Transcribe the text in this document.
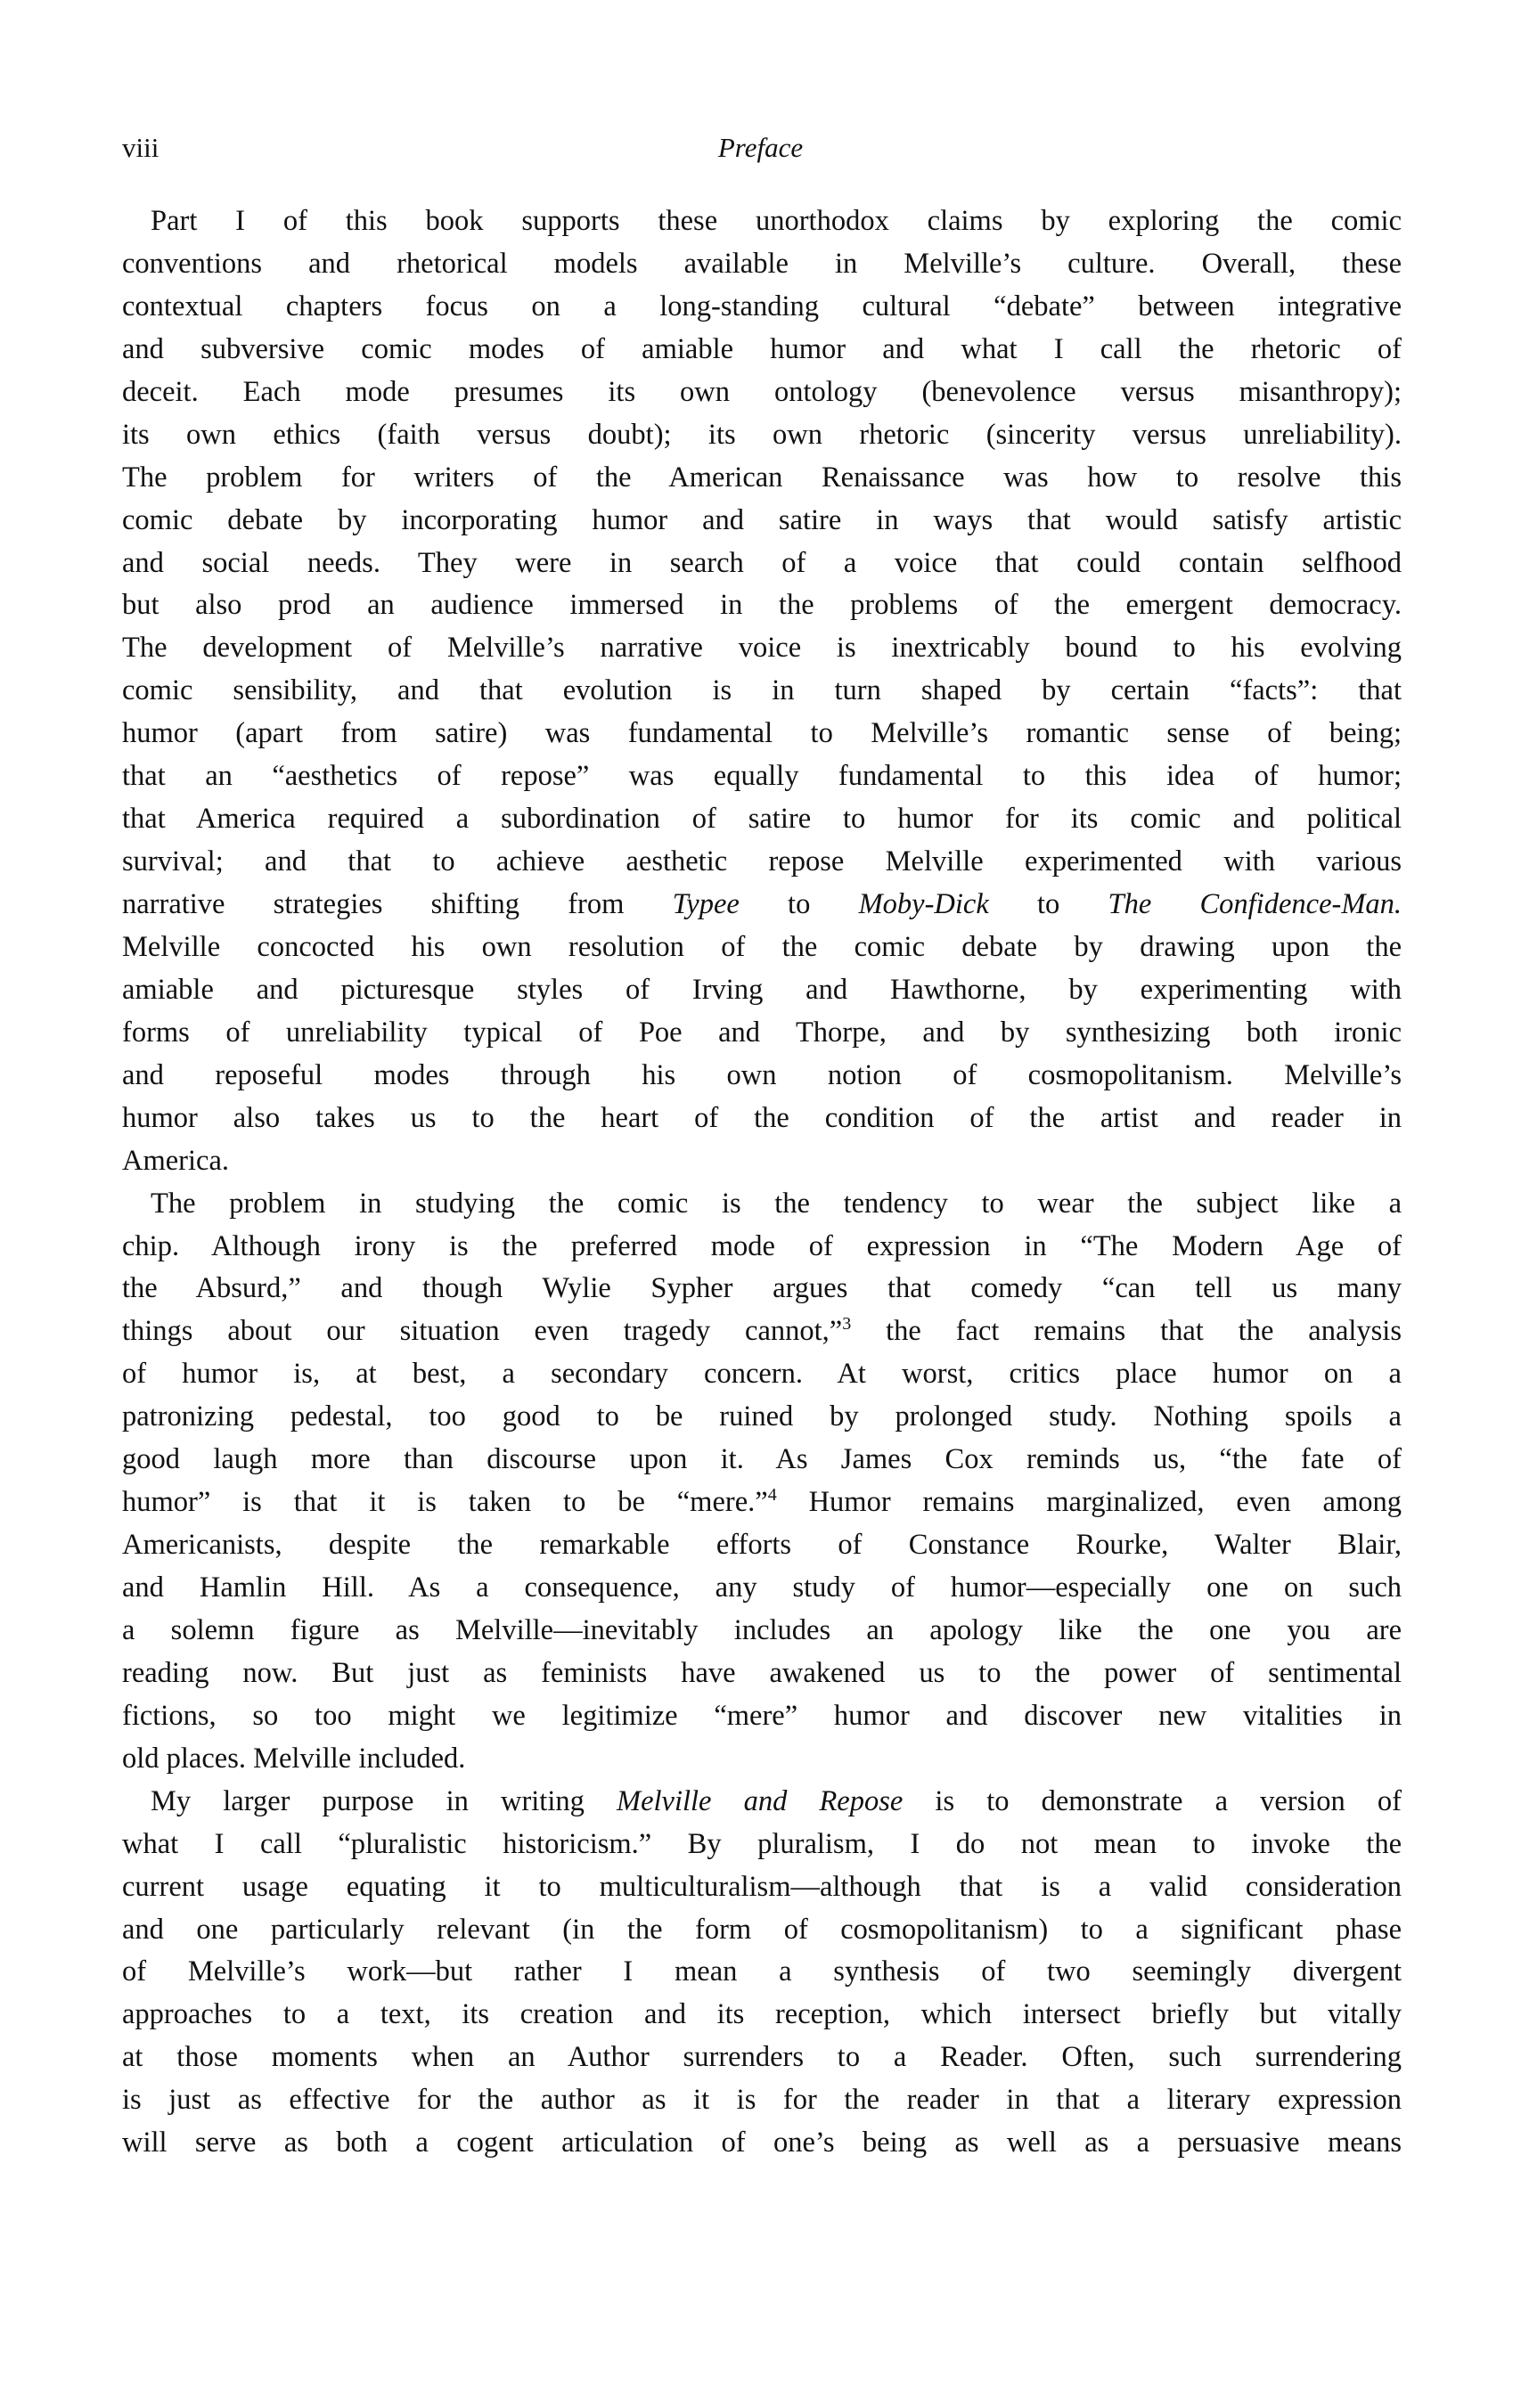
viii	Preface
Part I of this book supports these unorthodox claims by exploring the comic
conventions and rhetorical models available in Melville’s culture. Overall, these
contextual chapters focus on a long-standing cultural “debate” between integrative
and subversive comic modes of amiable humor and what I call the rhetoric of
deceit. Each mode presumes its own ontology (benevolence versus misanthropy);
its own ethics (faith versus doubt); its own rhetoric (sincerity versus unreliability).
The problem for writers of the American Renaissance was how to resolve this
comic debate by incorporating humor and satire in ways that would satisfy artistic
and social needs. They were in search of a voice that could contain selfhood
but also prod an audience immersed in the problems of the emergent democracy.
The development of Melville’s narrative voice is inextricably bound to his evolving
comic sensibility, and that evolution is in turn shaped by certain “facts”: that
humor (apart from satire) was fundamental to Melville’s romantic sense of being;
that an “aesthetics of repose” was equally fundamental to this idea of humor;
that America required a subordination of satire to humor for its comic and political
survival; and that to achieve aesthetic repose Melville experimented with various
narrative strategies shifting from Typee to Moby-Dick to The Confidence-Man.
Melville concocted his own resolution of the comic debate by drawing upon the
amiable and picturesque styles of Irving and Hawthorne, by experimenting with
forms of unreliability typical of Poe and Thorpe, and by synthesizing both ironic
and reposeful modes through his own notion of cosmopolitanism. Melville’s
humor also takes us to the heart of the condition of the artist and reader in
America.
The problem in studying the comic is the tendency to wear the subject like a
chip. Although irony is the preferred mode of expression in “The Modern Age of
the Absurd,” and though Wylie Sypher argues that comedy “can tell us many
things about our situation even tragedy cannot,”$^3$ the fact remains that the analysis
of humor is, at best, a secondary concern. At worst, critics place humor on a
patronizing pedestal, too good to be ruined by prolonged study. Nothing spoils a
good laugh more than discourse upon it. As James Cox reminds us, “the fate of
humor” is that it is taken to be “mere.”$^4$ Humor remains marginalized, even among
Americanists, despite the remarkable efforts of Constance Rourke, Walter Blair,
and Hamlin Hill. As a consequence, any study of humor—especially one on such
a solemn figure as Melville—inevitably includes an apology like the one you are
reading now. But just as feminists have awakened us to the power of sentimental
fictions, so too might we legitimize “mere” humor and discover new vitalities in
old places. Melville included.
My larger purpose in writing Melville and Repose is to demonstrate a version of
what I call “pluralistic historicism.” By pluralism, I do not mean to invoke the
current usage equating it to multiculturalism—although that is a valid consideration
and one particularly relevant (in the form of cosmopolitanism) to a significant phase
of Melville’s work—but rather I mean a synthesis of two seemingly divergent
approaches to a text, its creation and its reception, which intersect briefly but vitally
at those moments when an Author surrenders to a Reader. Often, such surrendering
is just as effective for the author as it is for the reader in that a literary expression
will serve as both a cogent articulation of one’s being as well as a persuasive means
